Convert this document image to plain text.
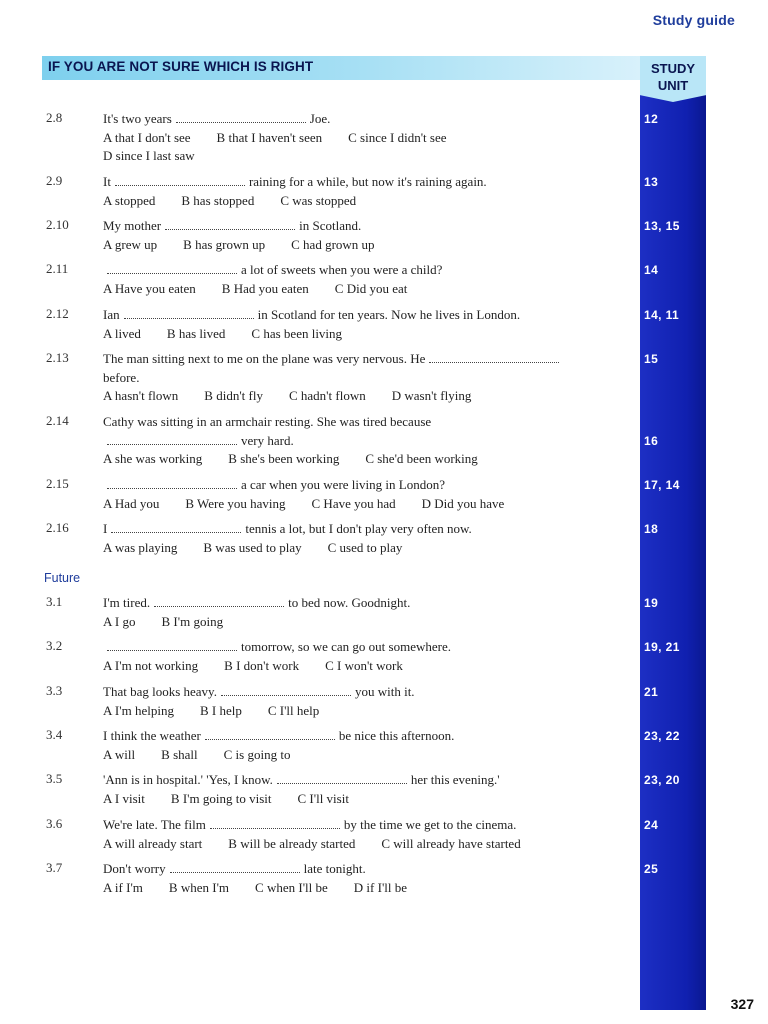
Study guide
IF YOU ARE NOT SURE WHICH IS RIGHT	STUDY
UNIT
2.8	It's two years	Joe.
A that I don't see B that I haven't seen C since I didn't see
D since I last saw
12
2.9	It	raining for a while, but now it's raining again.
A stopped B has stopped C was stopped
13
2.10	My mother	in Scotland.
A grew up B has grown up C had grown up
13, 15
2.11	a lot of sweets when you were a child?
A Have you eaten B Had you eaten C Did you eat
14
2.12	Ian	in Scotland for ten years. Now he lives in London.
A lived B has lived C has been living
14, 11
2.13	The man sitting next to me on the plane was very nervous. He
before.
A hasn't flown B didn't fly C hadn't flown D wasn't flying
15
2.14	Cathy was sitting in an armchair resting. She was tired because
very hard.
A she was working B she's been working C she'd been working
16
2.15	a car when you were living in London?
A Had you B Were you having C Have you had D Did you have
17, 14
2.16	I	tennis a lot, but I don't play very often now.
A was playing B was used to play C used to play
18
Future
3.1	I'm tired.	to bed now. Goodnight.
A I go B I'm going
19
3.2	tomorrow, so we can go out somewhere.
A I'm not working B I don't work C I won't work
19, 21
3.3	That bag looks heavy.	you with it.
A I'm helping B I help C I'll help
21
3.4	I think the weather	be nice this afternoon.
A will B shall C is going to
23, 22
3.5	'Ann is in hospital.' 'Yes, I know.	her this evening.'
A I visit B I'm going to visit C I'll visit
23, 20
3.6	We're late. The film	by the time we get to the cinema.
A will already start B will be already started C will already have started
24
3.7	Don't worry	late tonight.
A if I'm B when I'm C when I'll be D if I'll be
25
327
